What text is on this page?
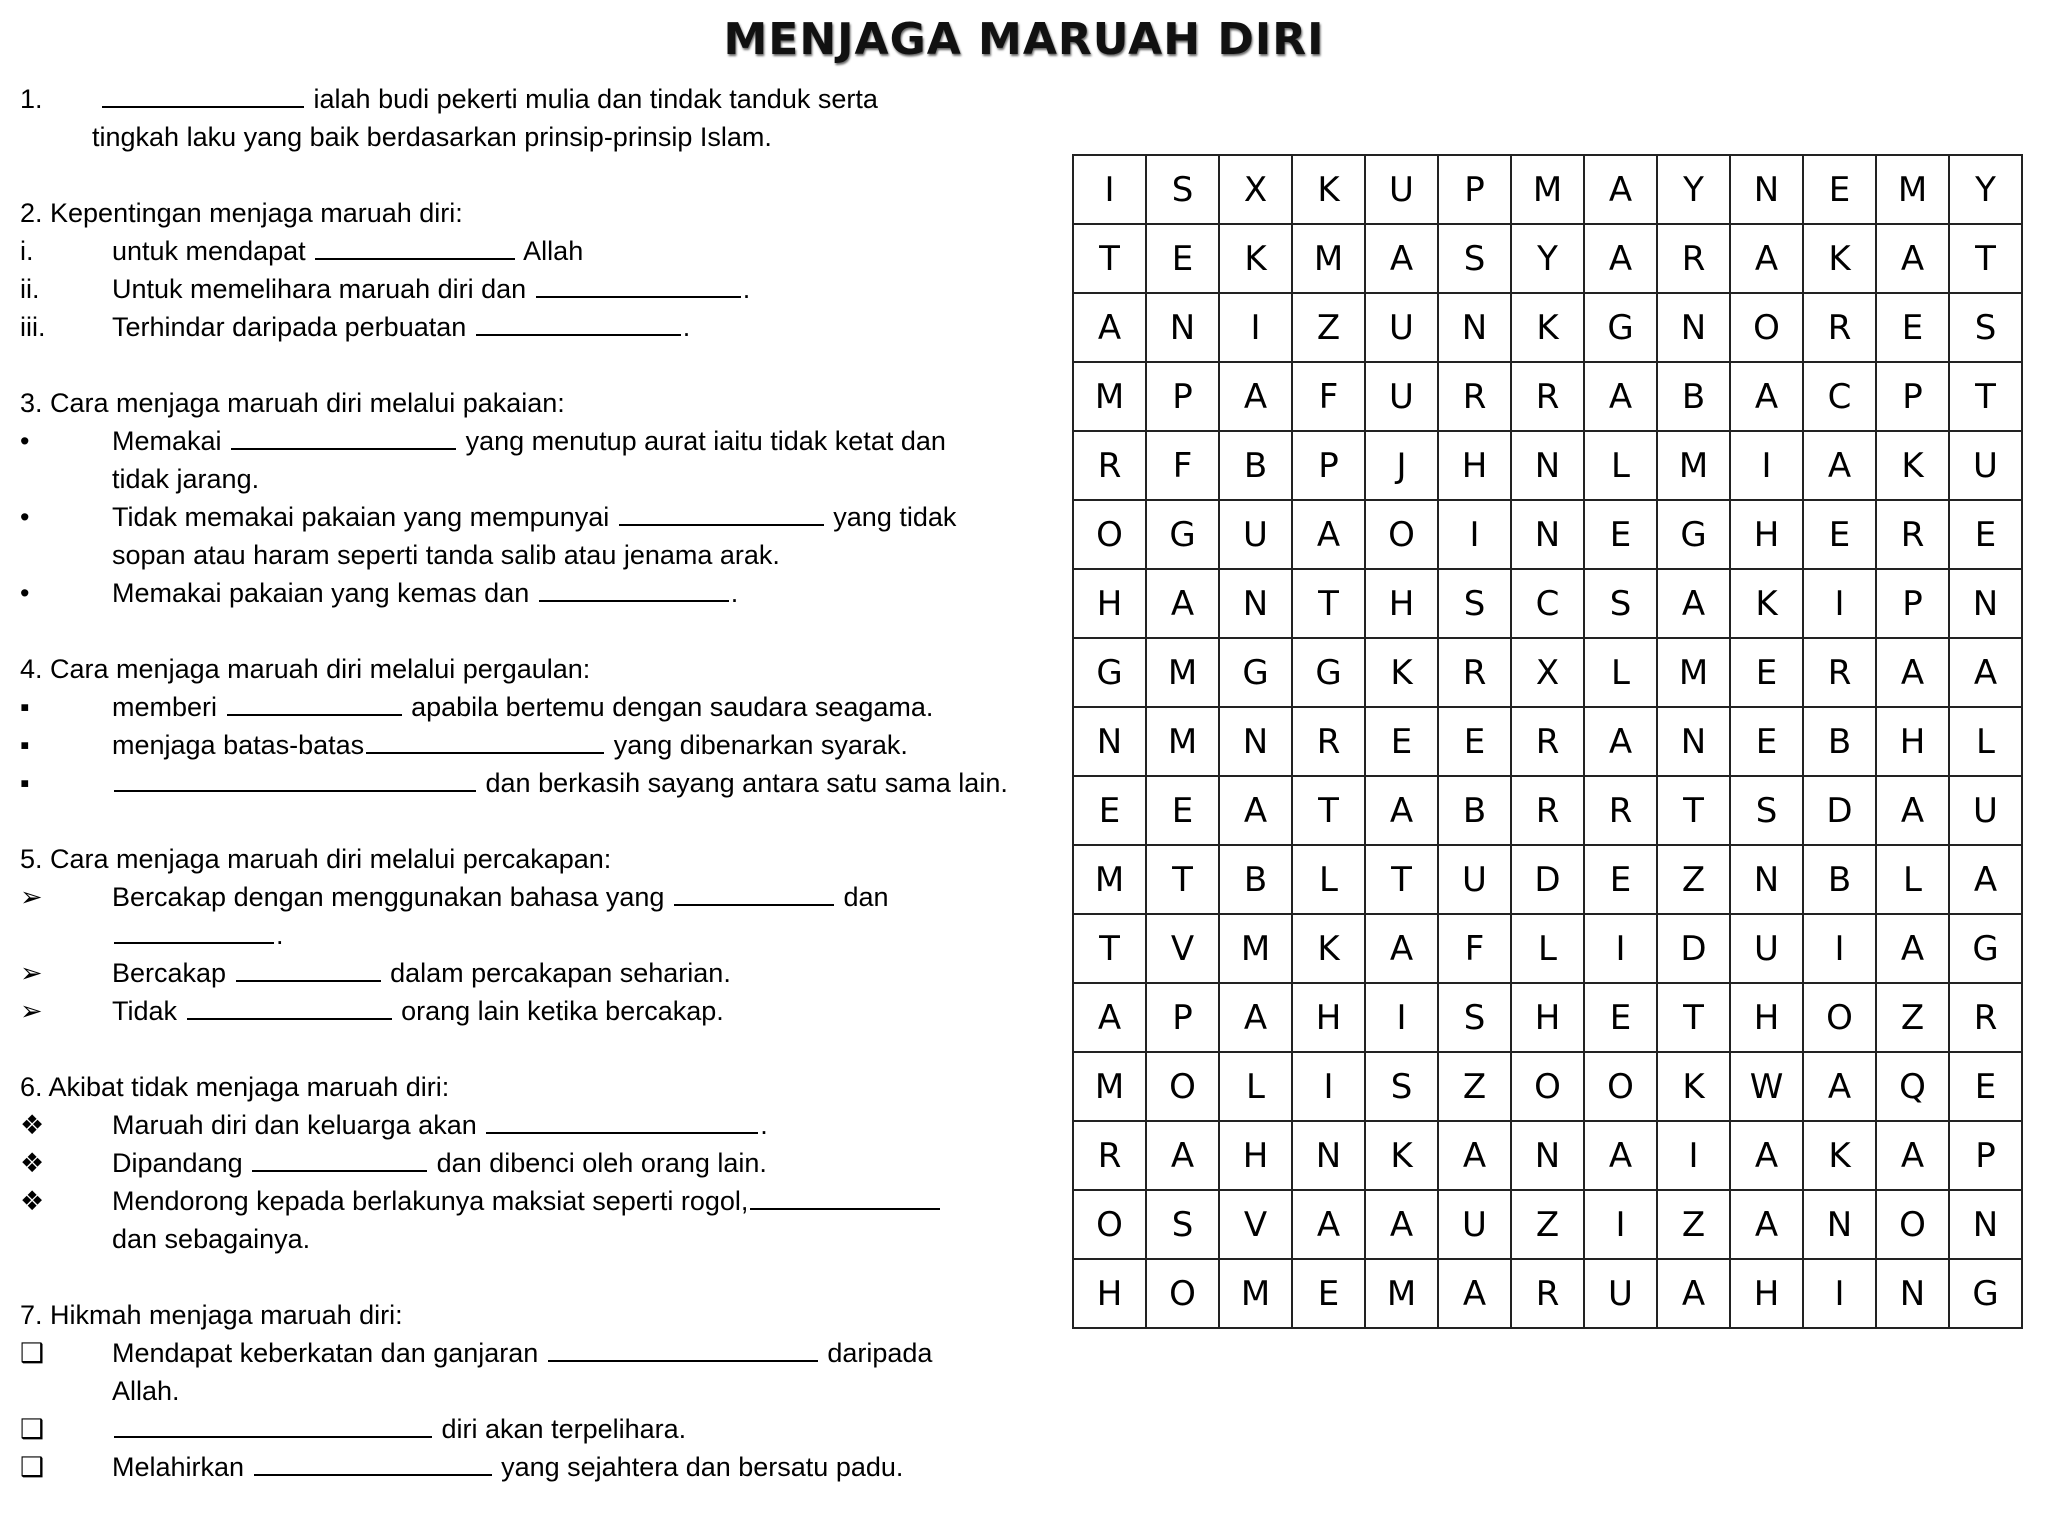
MENJAGA MARUAH DIRI
1.	ialah budi pekerti mulia dan tindak tanduk serta
tingkah laku yang baik berdasarkan prinsip-prinsip Islam.
2. Kepentingan menjaga maruah diri:
i.	untuk mendapat	Allah
ii.	Untuk memelihara maruah diri dan	.
iii. Terhindar daripada perbuatan	.
3. Cara menjaga maruah diri melalui pakaian:
•	Memakai	yang menutup aurat iaitu tidak ketat dan
tidak jarang.
•	Tidak memakai pakaian yang mempunyai	yang tidak
sopan atau haram seperti tanda salib atau jenama arak.
•	Memakai pakaian yang kemas dan	.
4. Cara menjaga maruah diri melalui pergaulan:
▪	memberi	apabila bertemu dengan saudara seagama.
▪	menjaga batas-batas	yang dibenarkan syarak.
▪	dan berkasih sayang antara satu sama lain.
5. Cara menjaga maruah diri melalui percakapan:
➢	Bercakap dengan menggunakan bahasa yang	dan
.
➢	Bercakap	dalam percakapan seharian.
➢	Tidak	orang lain ketika bercakap.
6. Akibat tidak menjaga maruah diri:
❖	Maruah diri dan keluarga akan	.
❖	Dipandang	dan dibenci oleh orang lain.
❖	Mendorong kepada berlakunya maksiat seperti rogol,
dan sebagainya.
7. Hikmah menjaga maruah diri:
❑	Mendapat keberkatan dan ganjaran	daripada
Allah.
❑	diri akan terpelihara.
❑	Melahirkan	yang sejahtera dan bersatu padu.
I	S	X	K	U	P	M	A	Y	N	E	M	Y
T	E	K	M	A	S	Y	A	R	A	K	A	T
A	N	I	Z	U	N	K	G	N	O	R	E	S
M	P	A	F	U	R	R	A	B	A	C	P	T
R	F	B	P	J	H	N	L	M	I	A	K	U
O	G	U	A	O	I	N	E	G	H	E	R	E
H	A	N	T	H	S	C	S	A	K	I	P	N
G	M	G	G	K	R	X	L	M	E	R	A	A
N	M	N	R	E	E	R	A	N	E	B	H	L
E	E	A	T	A	B	R	R	T	S	D	A	U
M	T	B	L	T	U	D	E	Z	N	B	L	A
T	V	M	K	A	F	L	I	D	U	I	A	G
A	P	A	H	I	S	H	E	T	H	O	Z	R
M	O	L	I	S	Z	O	O	K	W	A	Q	E
R	A	H	N	K	A	N	A	I	A	K	A	P
O	S	V	A	A	U	Z	I	Z	A	N	O	N
H	O	M	E	M	A	R	U	A	H	I	N	G
